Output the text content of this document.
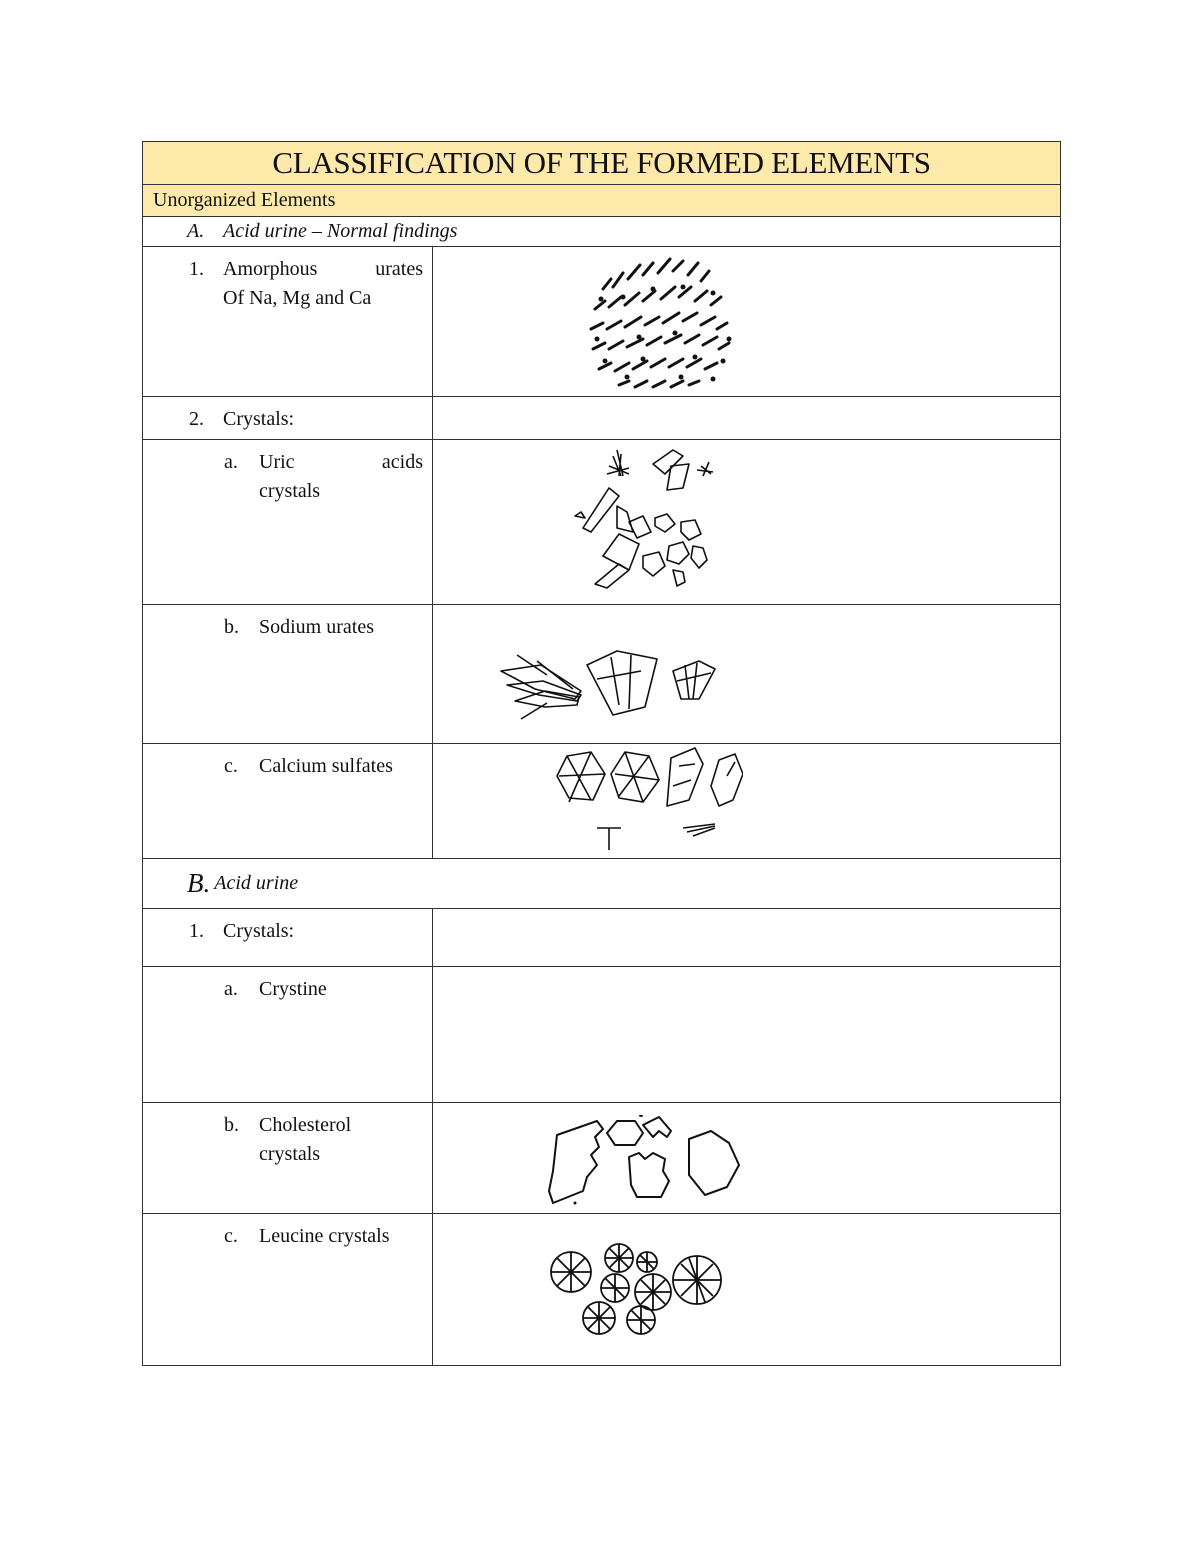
CLASSIFICATION OF THE FORMED ELEMENTS
Unorganized Elements
A. Acid urine – Normal findings
1. Amorphous	urates
Of Na, Mg and Ca
2. Crystals:
a.	Uric	acids
crystals
b.	Sodium urates
c.	Calcium sulfates
B. Acid urine
1. Crystals:
a.	Crystine
b.	Cholesterol
crystals
c.	Leucine crystals
